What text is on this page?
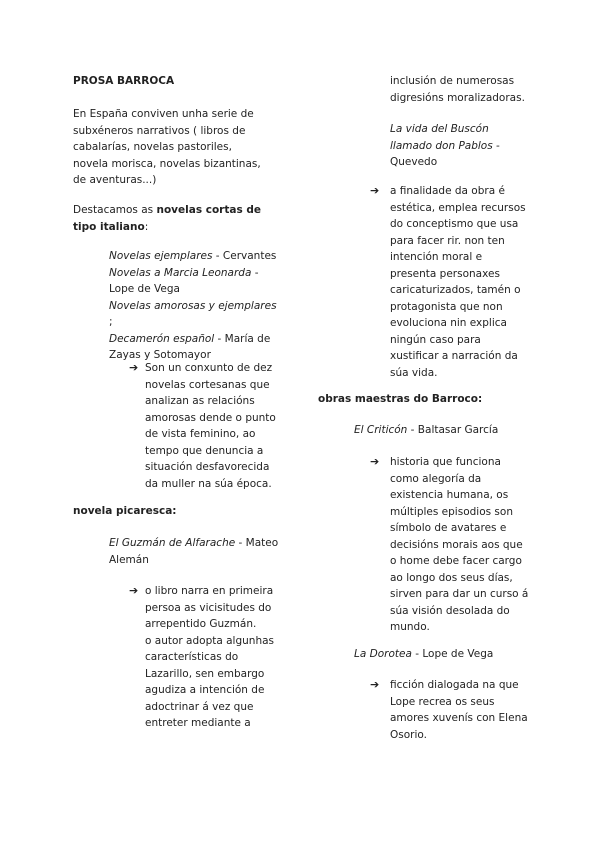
PROSA BARROCA

En España conviven unha serie de subxéneros narrativos ( libros de cabalarías, novelas pastoriles, novela morisca, novelas bizantinas, de aventuras...)

Destacamos as novelas cortas de tipo italiano:

Novelas ejemplares - Cervantes
Novelas a Marcia Leonarda - Lope de Vega
Novelas amorosas y ejemplares ;
Decamerón español - María de Zayas y Sotomayor

➔ Son un conxunto de dez novelas cortesanas que analizan as relacións amorosas dende o punto de vista feminino, ao tempo que denuncia a situación desfavorecida da muller na súa época.

novela picaresca:

El Guzmán de Alfarache - Mateo Alemán

➔ o libro narra en primeira persoa as vicisitudes do arrepentido Guzmán.

o autor adopta algunhas características do Lazarillo, sen embargo agudiza a intención de adoctrinar á vez que entreter mediante a

inclusión de numerosas digresións moralizadoras.

La vida del Buscón llamado don Pablos - Quevedo

➔ a finalidade da obra é estética, emplea recursos do conceptismo que usa para facer rir. non ten intención moral e presenta personaxes caricaturizados, tamén o protagonista que non evoluciona nin explica ningún caso para xustificar a narración da súa vida.

obras maestras do Barroco:

El Criticón - Baltasar García

➔ historia que funciona como alegoría da existencia humana, os múltiples episodios son símbolo de avatares e decisións morais aos que o home debe facer cargo ao longo dos seus días, sirven para dar un curso á súa visión desolada do mundo.

La Dorotea - Lope de Vega

➔ ficción dialogada na que Lope recrea os seus amores xuvenís con Elena Osorio.
